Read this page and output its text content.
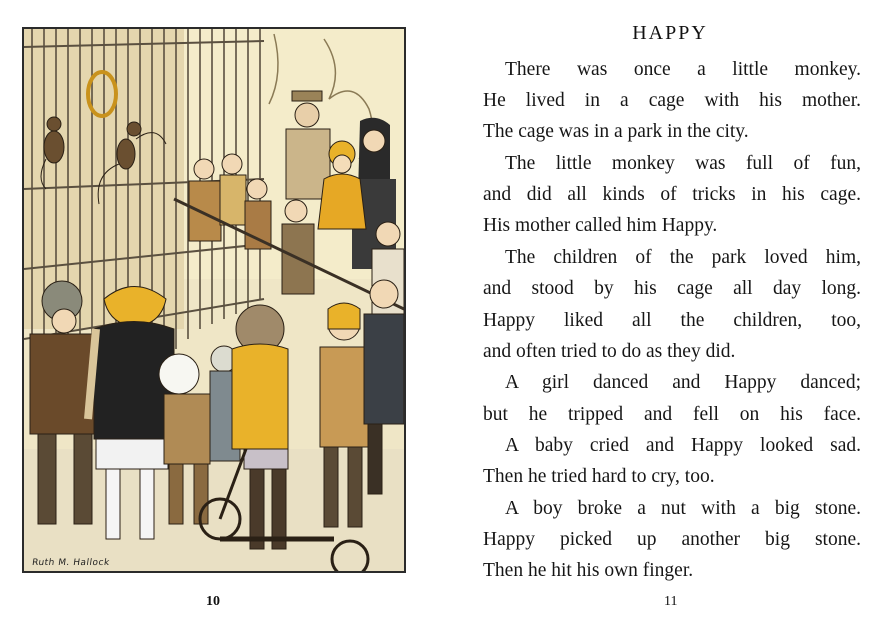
Ruth M. Hallock
10
HAPPY
There was once a little monkey.
He lived in a cage with his mother.
The cage was in a park in the city.
The little monkey was full of fun,
and did all kinds of tricks in his cage.
His mother called him Happy.
The children of the park loved him,
and stood by his cage all day long.
Happy liked all the children, too,
and often tried to do as they did.
A girl danced and Happy danced;
but he tripped and fell on his face.
A baby cried and Happy looked sad.
Then he tried hard to cry, too.
A boy broke a nut with a big stone.
Happy picked up another big stone.
Then he hit his own finger.
11
